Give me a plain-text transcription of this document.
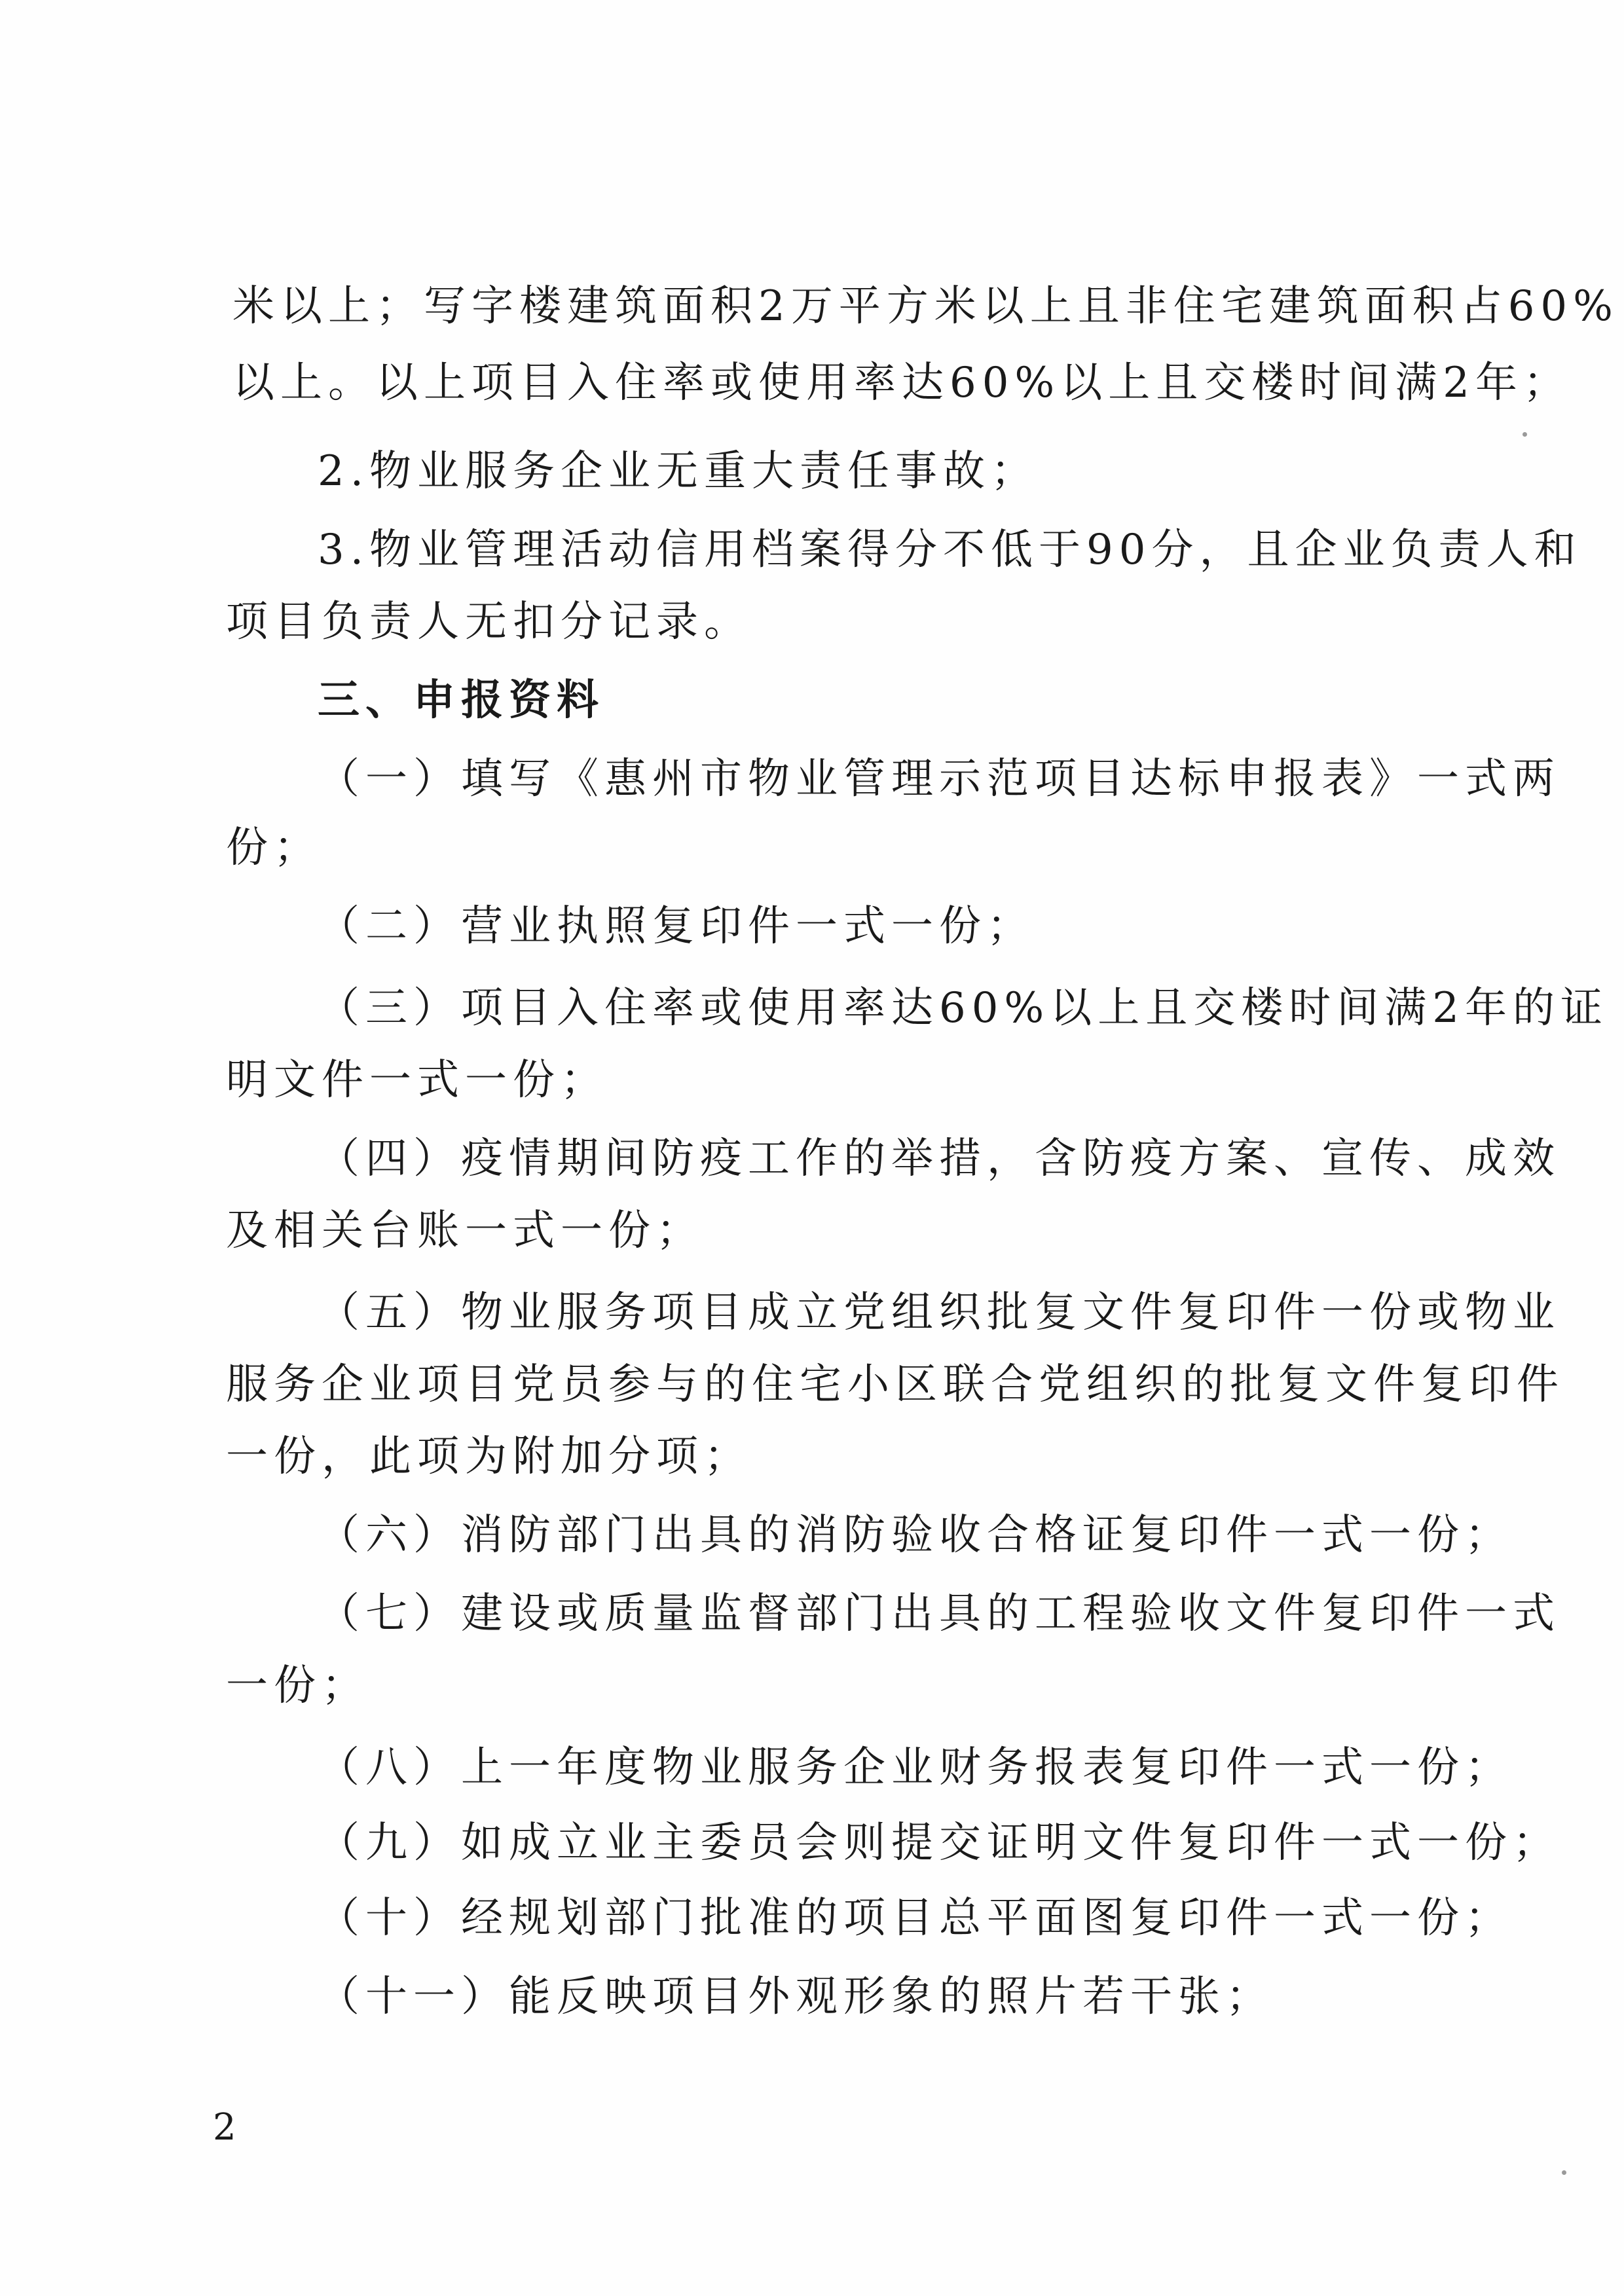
米以上；写字楼建筑面积2万平方米以上且非住宅建筑面积占60%
以上。以上项目入住率或使用率达60%以上且交楼时间满2年；
2.物业服务企业无重大责任事故；
3.物业管理活动信用档案得分不低于90分，且企业负责人和
项目负责人无扣分记录。
三、申报资料
（一）填写《惠州市物业管理示范项目达标申报表》一式两
份；
（二）营业执照复印件一式一份；
（三）项目入住率或使用率达60%以上且交楼时间满2年的证
明文件一式一份；
（四）疫情期间防疫工作的举措，含防疫方案、宣传、成效
及相关台账一式一份；
（五）物业服务项目成立党组织批复文件复印件一份或物业
服务企业项目党员参与的住宅小区联合党组织的批复文件复印件
一份，此项为附加分项；
（六）消防部门出具的消防验收合格证复印件一式一份；
（七）建设或质量监督部门出具的工程验收文件复印件一式
一份；
（八）上一年度物业服务企业财务报表复印件一式一份；
（九）如成立业主委员会则提交证明文件复印件一式一份；
（十）经规划部门批准的项目总平面图复印件一式一份；
（十一）能反映项目外观形象的照片若干张；
2
